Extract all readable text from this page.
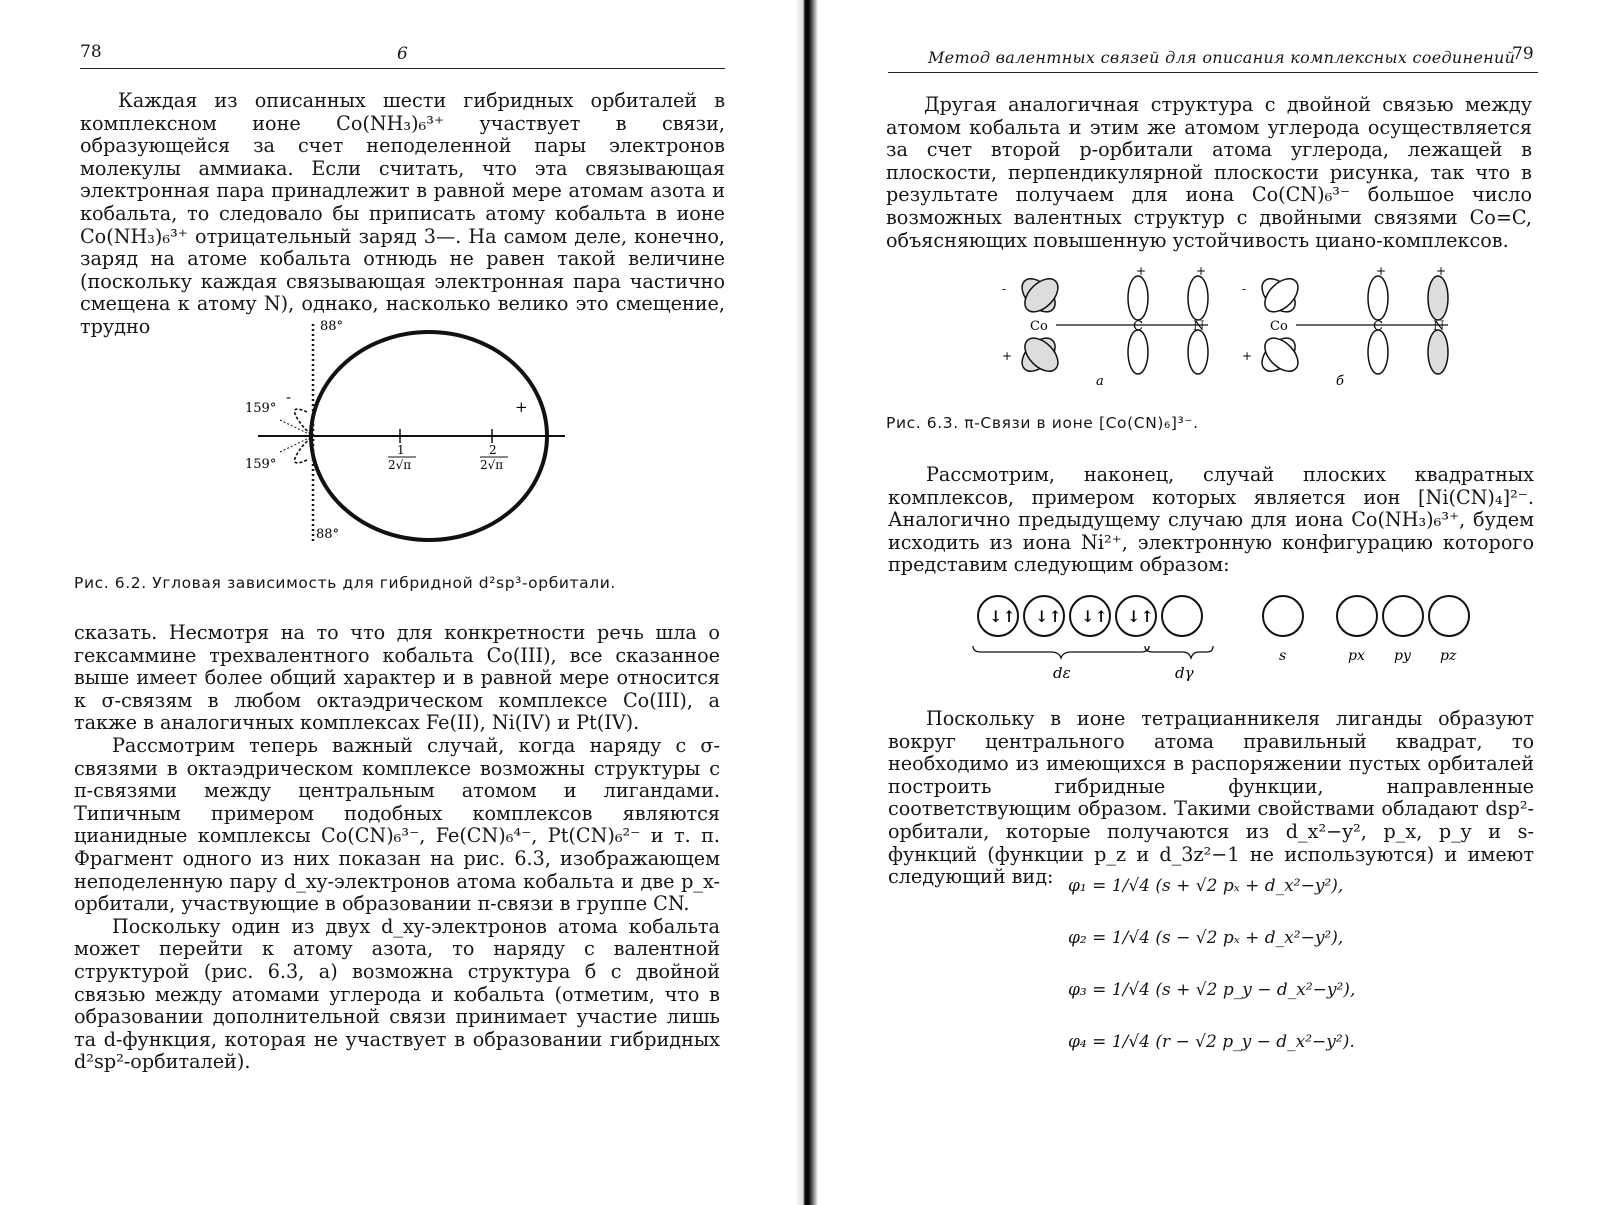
78	6

Каждая из описанных шести гибридных орбиталей в комплексном ионе Co(NH₃)₆³⁺ участвует в связи, образующейся за счет неподеленной пары электронов молекулы аммиака. Если считать, что эта связывающая электронная пара принадлежит в равной мере атомам азота и кобальта, то следовало бы приписать атому кобальта в ионе Co(NH₃)₆³⁺ отрицательный заряд 3—. На самом деле, конечно, заряд на атоме кобальта отнюдь не равен такой величине (поскольку каждая связывающая электронная пара частично смещена к атому N), однако, насколько велико это смещение, трудно	88°
88°
159°
159°
+
-
1
2√π
2
2√π
Рис. 6.2. Угловая зависимость для гибридной d²sp³-орбитали.

сказать. Несмотря на то что для конкретности речь шла о гексаммине трехвалентного кобальта Co(III), все сказанное выше имеет более общий характер и в равной мере относится к σ-связям в любом октаэдрическом комплексе Co(III), а также в аналогичных комплексах Fe(II), Ni(IV) и Pt(IV).

Рассмотрим теперь важный случай, когда наряду с σ-связями в октаэдрическом комплексе возможны структуры с π-связями между центральным атомом и лигандами. Типичным примером подобных комплексов являются цианидные комплексы Co(CN)₆³⁻, Fe(CN)₆⁴⁻, Pt(CN)₆²⁻ и т. п. Фрагмент одного из них показан на рис. 6.3, изображающем неподеленную пару d_xy-электронов атома кобальта и две p_x-орбитали, участвующие в образовании π-связи в группе CN.

Поскольку один из двух d_xy-электронов атома кобальта может перейти к атому азота, то наряду с валентной структурой (рис. 6.3, а) возможна структура б с двойной связью между атомами углерода и кобальта (отметим, что в образовании дополнительной связи принимает участие лишь та d-функция, которая не участвует в образовании гибридных d²sp²-орбиталей).

Метод валентных связей для описания комплексных соединений
79

Другая аналогичная структура с двойной связью между атомом кобальта и этим же атомом углерода осуществляется за счет второй p-орбитали атома углерода, лежащей в плоскости, перпендикулярной плоскости рисунка, так что в результате получаем для иона Co(CN)₆³⁻ большое число возможных валентных структур с двойными связями Co=C, объясняющих повышенную устойчивость циано-комплексов.

Co	C	N
+	+
+
-
а
Co	C	N
+	+
+
-
б
Рис. 6.3. π-Связи в ионе [Co(CN)₆]³⁻.

Рассмотрим, наконец, случай плоских квадратных комплексов, примером которых является ион [Ni(CN)₄]²⁻. Аналогично предыдущему случаю для иона Co(NH₃)₆³⁺, будем исходить из иона Ni²⁺, электронную конфигурацию которого представим следующим образом:

↓↑ ↓↑ ↓↑ ↓↑
dε	dγ
s	px py pz

Поскольку в ионе тетрацианникеля лиганды образуют вокруг центрального атома правильный квадрат, то необходимо из имеющихся в распоряжении пустых орбиталей построить гибридные функции, направленные соответствующим образом. Такими свойствами обладают dsp²-орбитали, которые получаются из d_x²−y², p_x, p_y и s-функций (функции p_z и d_3z²−1 не используются) и имеют следующий вид: φ₁ = 1/√4 (s + √2 pₓ + d_x²−y²),
φ₂ = 1/√4 (s − √2 pₓ + d_x²−y²),
φ₃ = 1/√4 (s + √2 p_y − d_x²−y²),
φ₄ = 1/√4 (r − √2 p_y − d_x²−y²).
